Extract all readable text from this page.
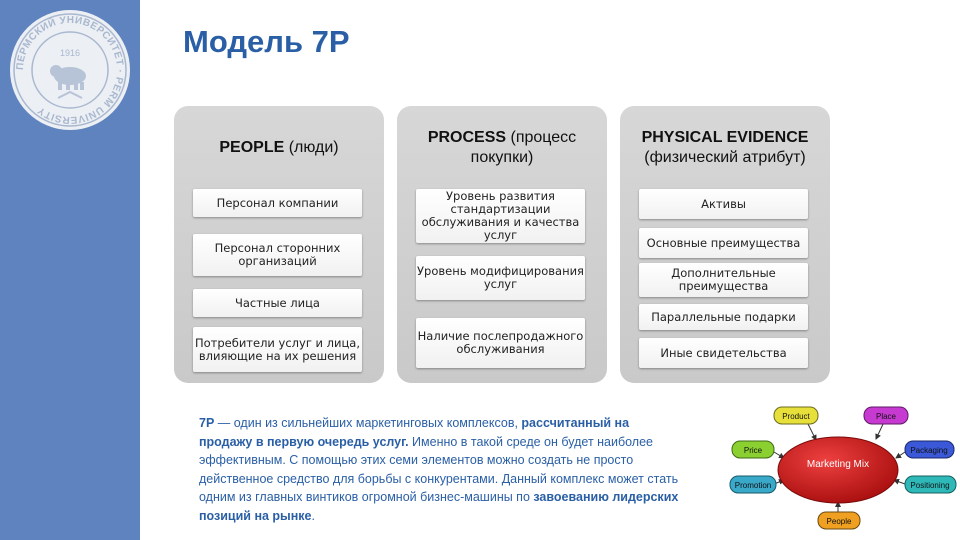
ПЕРМСКИЙ УНИВЕРСИТЕТ · PERM UNIVERSITY
1916	Модель 7P
PEOPLE (люди)
Персонал компании
Персонал сторонних организаций
Частные лица
Потребители услуг и лица, влияющие на их решения
PROCESS (процесс покупки)
Уровень развития стандартизации обслуживания и качества услуг
Уровень модифицирования услуг
Наличие послепродажного обслуживания
PHYSICAL EVIDENCE (физический атрибут)
Активы
Основные преимущества
Дополнительные преимущества
Параллельные подарки
Иные свидетельства
7P — один из сильнейших маркетинговых комплексов, рассчитанный на продажу в первую очередь услуг. Именно в такой среде он будет наиболее эффективным. С помощью этих семи элементов можно создать не просто действенное средство для борьбы с конкурентами. Данный комплекс может стать одним из главных винтиков огромной бизнес-машины по завоеванию лидерских позиций на рынке.
Marketing Mix
Product	Place
Packaging
Positioning
People
Promotion
Price
